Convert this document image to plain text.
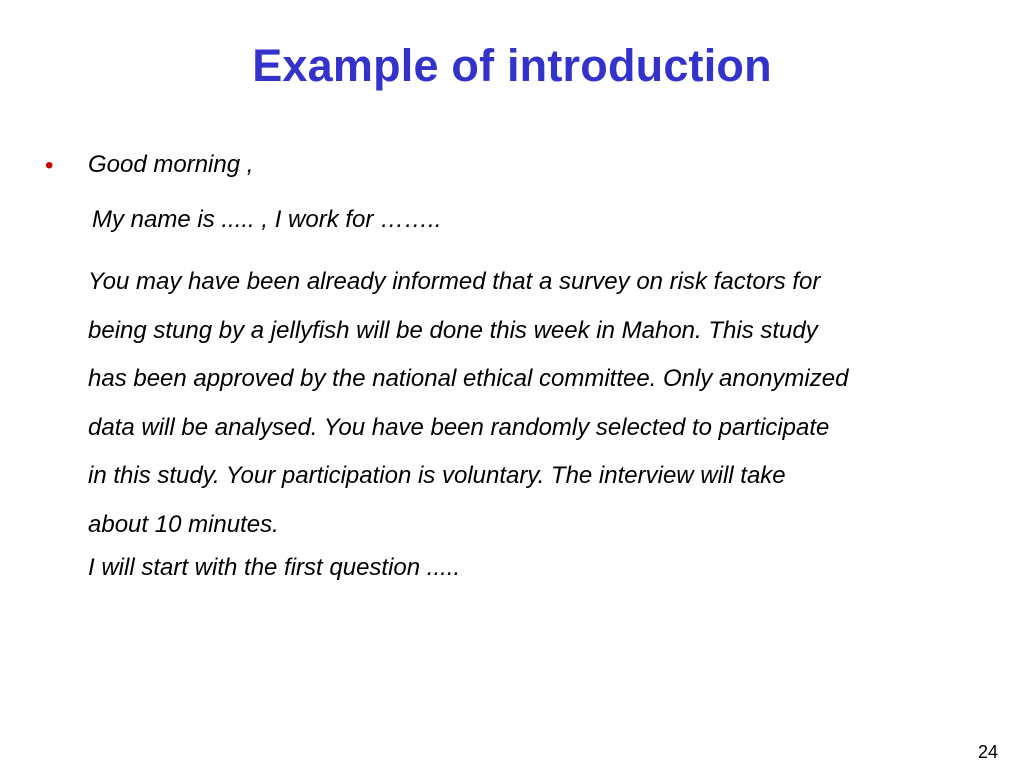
Example of introduction
• Good morning ,
My name is ..... , I work for ……..
You may have been already informed that a survey on risk factors for
being stung by a jellyfish will be done this week in Mahon. This study
has been approved by the national ethical committee. Only anonymized
data will be analysed. You have been randomly selected to participate
in this study. Your participation is voluntary. The interview will take
about 10 minutes.
I will start with the first question .....
24
